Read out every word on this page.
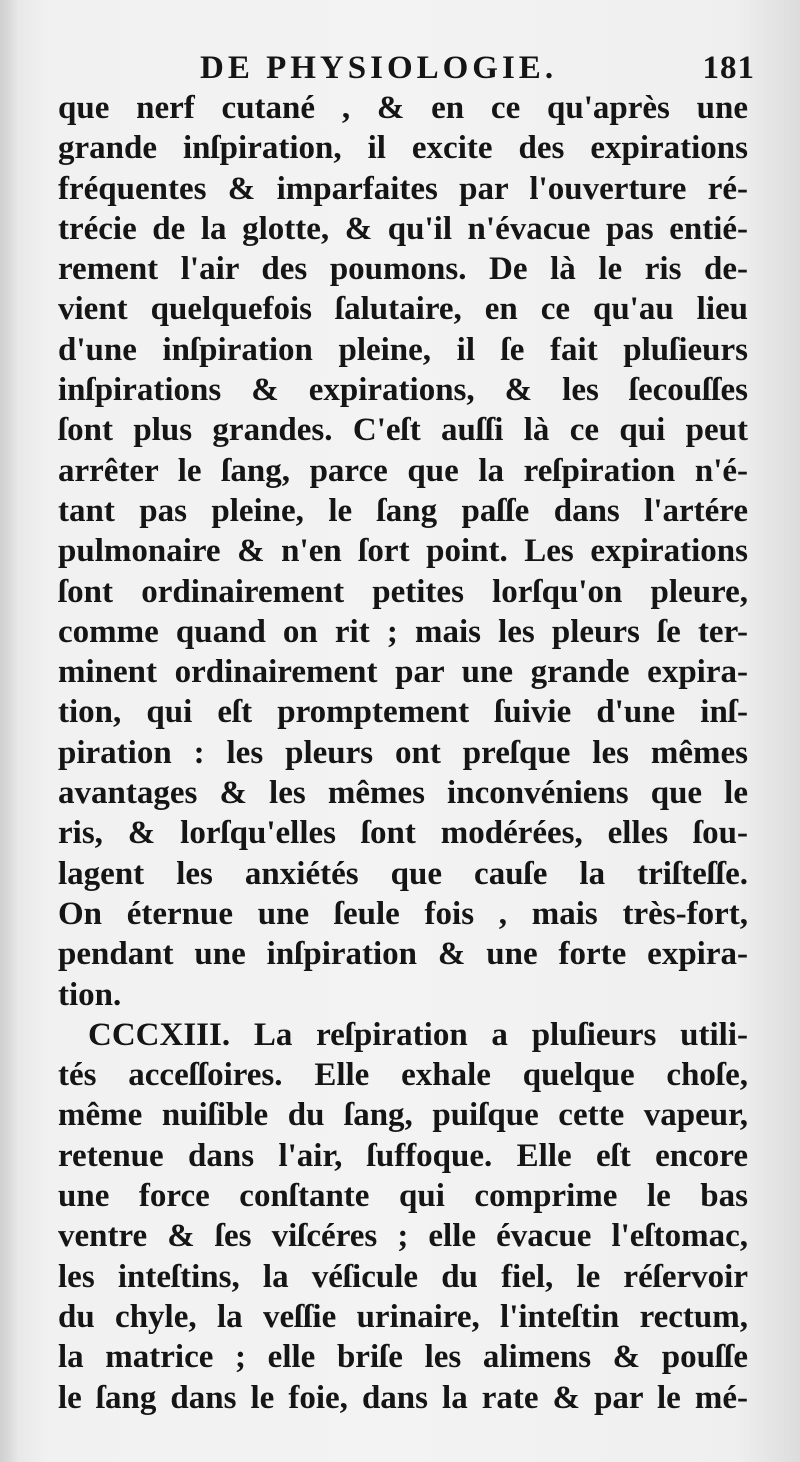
DE PHYSIOLOGIE.	181
que nerf cutané , & en ce qu'après une
grande inſpiration, il excite des expirations
fréquentes & imparfaites par l'ouverture ré-
trécie de la glotte, & qu'il n'évacue pas entié-
rement l'air des poumons. De là le ris de-
vient quelquefois ſalutaire, en ce qu'au lieu
d'une inſpiration pleine, il ſe fait pluſieurs
inſpirations & expirations, & les ſecouſſes
ſont plus grandes. C'eſt auſſi là ce qui peut
arrêter le ſang, parce que la reſpiration n'é-
tant pas pleine, le ſang paſſe dans l'artére
pulmonaire & n'en ſort point. Les expirations
ſont ordinairement petites lorſqu'on pleure,
comme quand on rit ; mais les pleurs ſe ter-
minent ordinairement par une grande expira-
tion, qui eſt promptement ſuivie d'une inſ-
piration : les pleurs ont preſque les mêmes
avantages & les mêmes inconvéniens que le
ris, & lorſqu'elles ſont modérées, elles ſou-
lagent les anxiétés que cauſe la triſteſſe.
On éternue une ſeule fois , mais très-fort,
pendant une inſpiration & une forte expira-
tion.
CCCXIII. La reſpiration a pluſieurs utili-
tés acceſſoires. Elle exhale quelque choſe,
même nuiſible du ſang, puiſque cette vapeur,
retenue dans l'air, ſuffoque. Elle eſt encore
une force conſtante qui comprime le bas
ventre & ſes viſcéres ; elle évacue l'eſtomac,
les inteſtins, la véſicule du fiel, le réſervoir
du chyle, la veſſie urinaire, l'inteſtin rectum,
la matrice ; elle briſe les alimens & pouſſe
le ſang dans le foie, dans la rate & par le mé-
